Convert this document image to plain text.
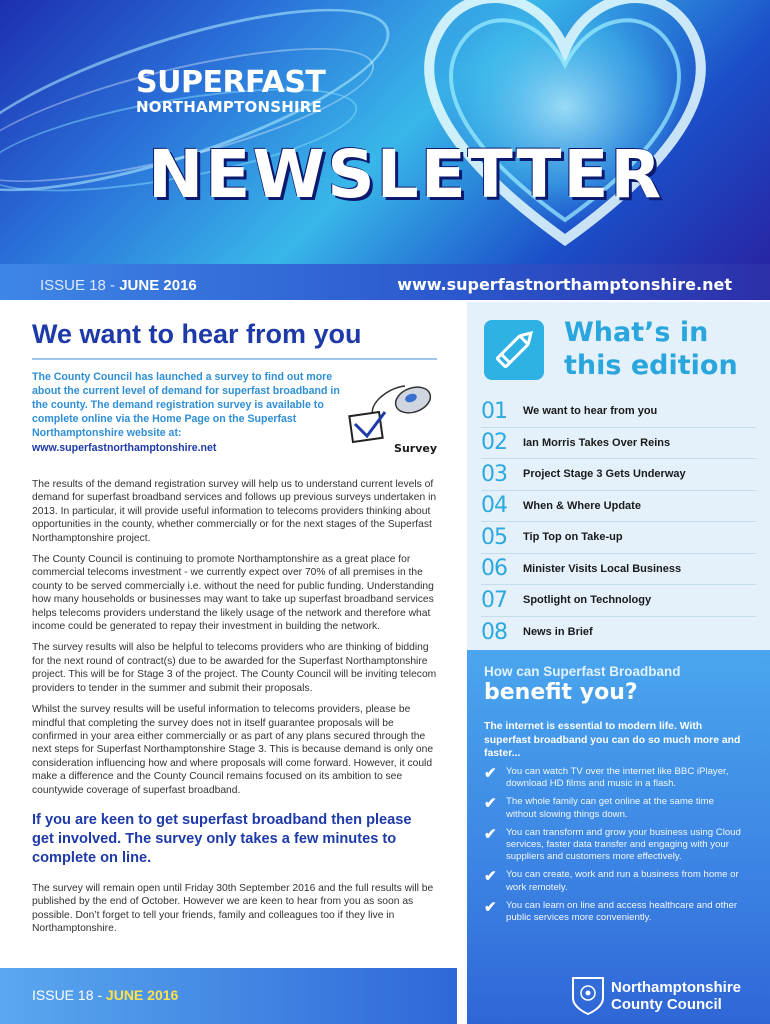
SUPERFAST
NORTHAMPTONSHIRE
NEWSLETTER
ISSUE 18 - JUNE 2016	www.superfastnorthamptonshire.net
We want to hear from you
The County Council has launched a survey to find out more about the current level of demand for superfast broadband in the county. The demand registration survey is available to complete online via the Home Page on the Superfast Northamptonshire website at:
www.superfastnorthamptonshire.net	Survey

The results of the demand registration survey will help us to understand current levels of demand for superfast broadband services and follows up previous surveys undertaken in 2013. In particular, it will provide useful information to telecoms providers thinking about opportunities in the county, whether commercially or for the next stages of the Superfast Northamptonshire project.

The County Council is continuing to promote Northamptonshire as a great place for commercial telecoms investment - we currently expect over 70% of all premises in the county to be served commercially i.e. without the need for public funding. Understanding how many households or businesses may want to take up superfast broadband services helps telecoms providers understand the likely usage of the network and therefore what income could be generated to repay their investment in building the network.

The survey results will also be helpful to telecoms providers who are thinking of bidding for the next round of contract(s) due to be awarded for the Superfast Northamptonshire project. This will be for Stage 3 of the project. The County Council will be inviting telecom providers to tender in the summer and submit their proposals.

Whilst the survey results will be useful information to telecoms providers, please be mindful that completing the survey does not in itself guarantee proposals will be confirmed in your area either commercially or as part of any plans secured through the next steps for Superfast Northamptonshire Stage 3. This is because demand is only one consideration influencing how and where proposals will come forward. However, it could make a difference and the County Council remains focused on its ambition to see countywide coverage of superfast broadband.

If you are keen to get superfast broadband then please get involved. The survey only takes a few minutes to complete on line.

The survey will remain open until Friday 30th September 2016 and the full results will be published by the end of October. However we are keen to hear from you as soon as possible. Don’t forget to tell your friends, family and colleagues too if they live in Northamptonshire.

ISSUE 18 - JUNE 2016
What’s in
this edition
01	We want to hear from you
02	Ian Morris Takes Over Reins
03	Project Stage 3 Gets Underway
04	When & Where Update
05	Tip Top on Take-up
06	Minister Visits Local Business
07	Spotlight on Technology
08	News in Brief
How can Superfast Broadband
benefit you?
The internet is essential to modern life. With superfast broadband you can do so much more and faster...
✔ You can watch TV over the internet like BBC iPlayer, download HD films and music in a flash.
✔ The whole family can get online at the same time without slowing things down.
✔ You can transform and grow your business using Cloud services, faster data transfer and engaging with your suppliers and customers more effectively.
✔ You can create, work and run a business from home or work remotely.
✔ You can learn on line and access healthcare and other public services more conveniently.
Northamptonshire
County Council
